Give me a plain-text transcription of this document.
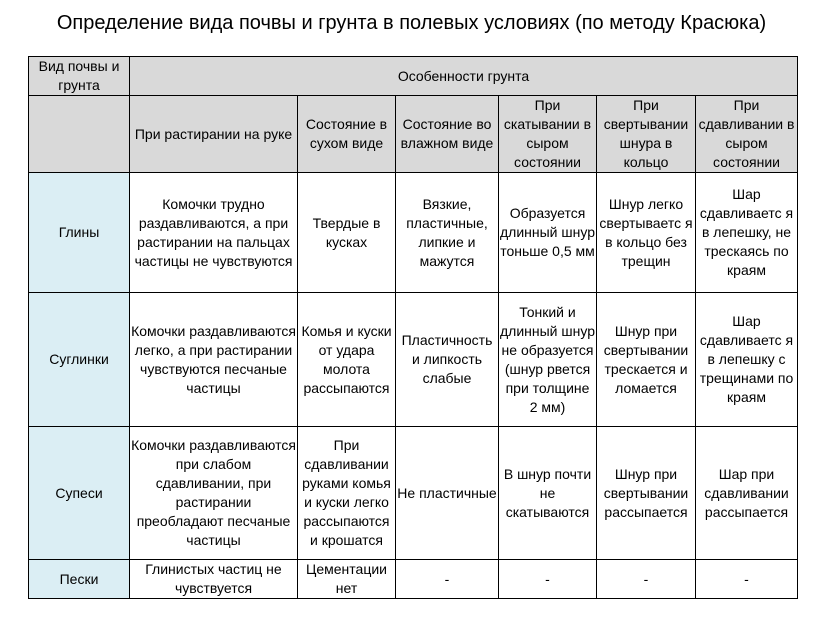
Определение вида почвы и грунта в полевых условиях (по методу Красюка)
Вид почвы и грунта	Особенности грунта					
	При растирании на руке	Состояние в сухом виде	Состояние во влажном виде	При скатывании в сыром состоянии	При свертывании шнура в кольцо	При сдавливании в сыром состоянии
Глины	Комочки трудно раздавливаются, а при растирании на пальцах частицы не чувствуются	Твердые в кусках	Вязкие, пластичные, липкие и мажутся	Образуется длинный шнур тоньше 0,5 мм	Шнур легко свертываетс я в кольцо без трещин	Шар сдавливаетс я в лепешку, не трескаясь по краям
Суглинки	Комочки раздавливаются легко, а при растирании чувствуются песчаные частицы	Комья и куски от удара молота рассыпаются	Пластичность и липкость слабые	Тонкий и длинный шнур не образуется (шнур рвется при толщине 2 мм)	Шнур при свертывании трескается и ломается	Шар сдавливаетс я в лепешку с трещинами по краям
Супеси	Комочки раздавливаются при слабом сдавливании, при растирании преобладают песчаные частицы	При сдавливании руками комья и куски легко рассыпаются и крошатся	Не пластичные	В шнур почти не скатываются	Шнур при свертывании рассыпается	Шар при сдавливании рассыпается
Пески	Глинистых частиц не чувствуется	Цементации нет	-	-	-	-
